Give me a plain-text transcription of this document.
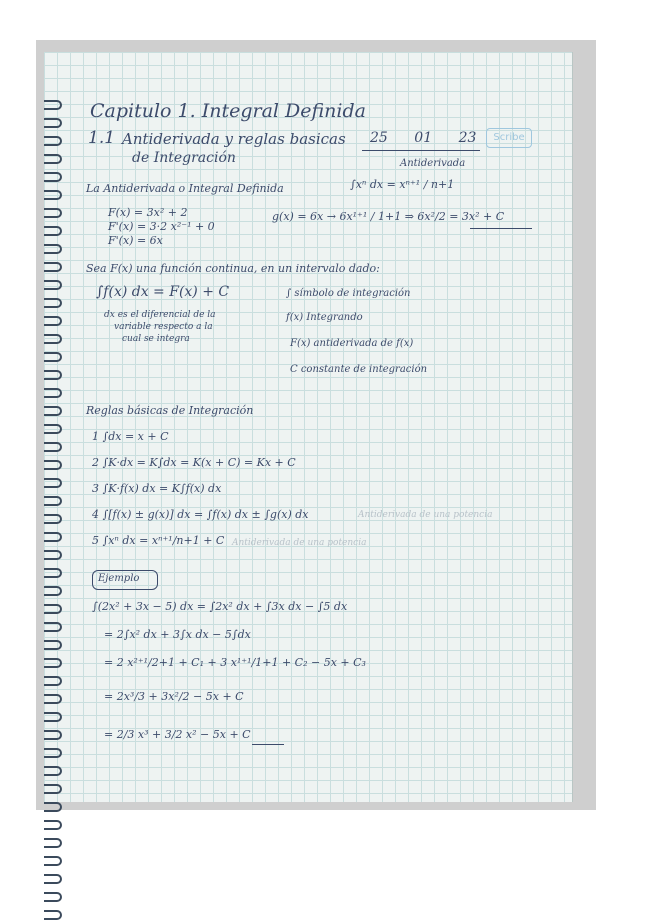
Capitulo 1. Integral Definida
1.1 Antiderivada y reglas basicas
de Integración
25 01 23	Scribe
Antiderivada
∫xⁿ dx = xⁿ⁺¹ / n+1
La Antiderivada o Integral Definida
F(x) = 3x² + 2
F'(x) = 3·2 x²⁻¹ + 0
F'(x) = 6x
g(x) = 6x → 6x¹⁺¹ / 1+1 ⇒ 6x²/2 = 3x² + C
Sea F(x) una función continua, en un intervalo dado:
∫f(x) dx = F(x) + C
dx es el diferencial de la
variable respecto a la
cual se integra
∫ símbolo de integración
f(x) Integrando
F(x) antiderivada de f(x)
C constante de integración
Reglas básicas de Integración
1 ∫dx = x + C
2 ∫K·dx = K∫dx = K(x + C) = Kx + C
3 ∫K·f(x) dx = K∫f(x) dx
4 ∫[f(x) ± g(x)] dx = ∫f(x) dx ± ∫g(x) dx	Antiderivada de una potencia
5 ∫xⁿ dx = xⁿ⁺¹/n+1 + C Antiderivada de una potencia
Ejemplo
∫(2x² + 3x − 5) dx = ∫2x² dx + ∫3x dx − ∫5 dx
= 2∫x² dx + 3∫x dx − 5∫dx
= 2 x²⁺¹/2+1 + C₁ + 3 x¹⁺¹/1+1 + C₂ − 5x + C₃
= 2x³/3 + 3x²/2 − 5x + C
= 2/3 x³ + 3/2 x² − 5x + C
